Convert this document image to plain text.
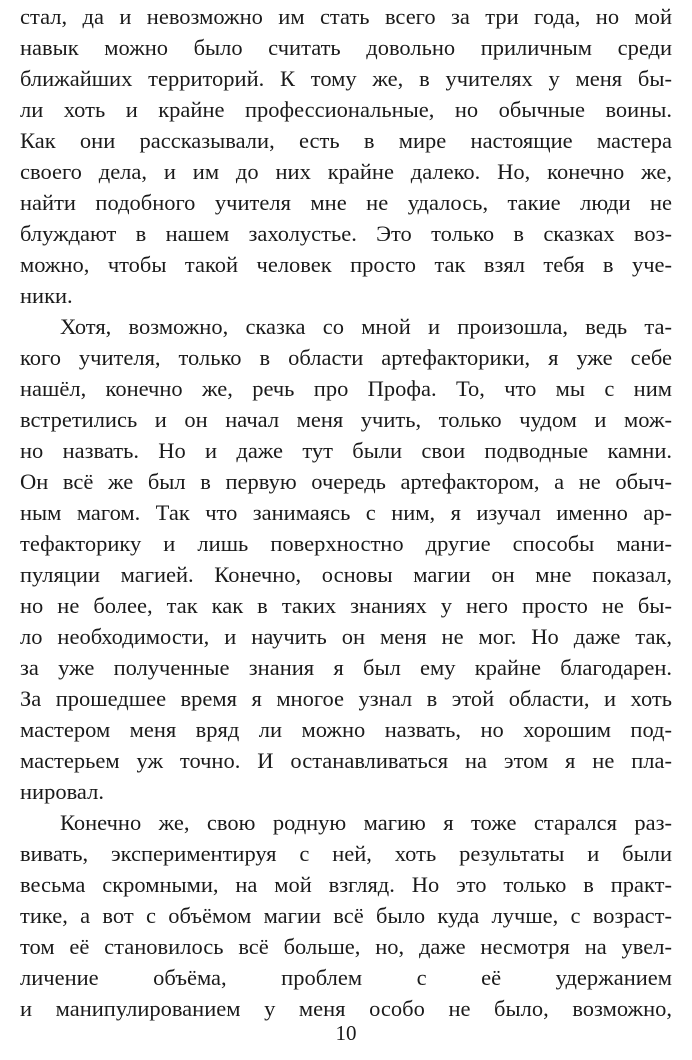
стал, да и невозможно им стать всего за три года, но мой
навык можно было считать довольно приличным среди
ближайших территорий. К тому же, в учителях у меня бы-
ли хоть и крайне профессиональные, но обычные воины.
Как они рассказывали, есть в мире настоящие мастера
своего дела, и им до них крайне далеко. Но, конечно же,
найти подобного учителя мне не удалось, такие люди не
блуждают в нашем захолустье. Это только в сказках воз-
можно, чтобы такой человек просто так взял тебя в уче-
ники.
Хотя, возможно, сказка со мной и произошла, ведь та-
кого учителя, только в области артефакторики, я уже себе
нашёл, конечно же, речь про Профа. То, что мы с ним
встретились и он начал меня учить, только чудом и мож-
но назвать. Но и даже тут были свои подводные камни.
Он всё же был в первую очередь артефактором, а не обыч-
ным магом. Так что занимаясь с ним, я изучал именно ар-
тефакторику и лишь поверхностно другие способы мани-
пуляции магией. Конечно, основы магии он мне показал,
но не более, так как в таких знаниях у него просто не бы-
ло необходимости, и научить он меня не мог. Но даже так,
за уже полученные знания я был ему крайне благодарен.
За прошедшее время я многое узнал в этой области, и хоть
мастером меня вряд ли можно назвать, но хорошим под-
мастерьем уж точно. И останавливаться на этом я не пла-
нировал.
Конечно же, свою родную магию я тоже старался раз-
вивать, экспериментируя с ней, хоть результаты и были
весьма скромными, на мой взгляд. Но это только в практ-
тике, а вот с объёмом магии всё было куда лучше, с возраст-
том её становилось всё больше, но, даже несмотря на увел-
личение объёма, проблем с её удержанием
и манипулированием у меня особо не было, возможно,
10
